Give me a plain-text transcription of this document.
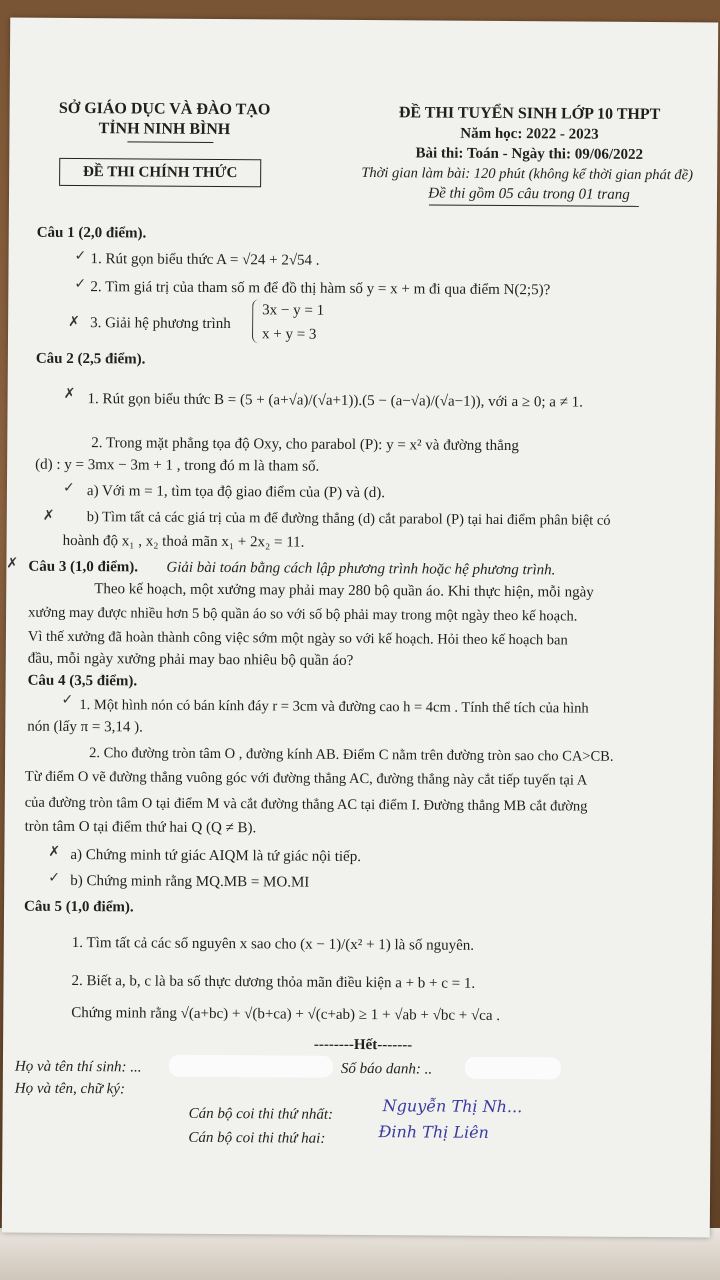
SỞ GIÁO DỤC VÀ ĐÀO TẠO
TỈNH NINH BÌNH
ĐỀ THI CHÍNH THỨC
ĐỀ THI TUYỂN SINH LỚP 10 THPT
Năm học: 2022 - 2023
Bài thi: Toán - Ngày thi: 09/06/2022
Thời gian làm bài: 120 phút (không kể thời gian phát đề)
Đề thi gồm 05 câu trong 01 trang
Câu 1 (2,0 điểm).
✓ 1. Rút gọn biểu thức A = √24 + 2√54 .
✓ 2. Tìm giá trị của tham số m để đồ thị hàm số y = x + m đi qua điểm N(2;5)?
✗ 3. Giải hệ phương trình
3x − y = 1
x + y = 3
Câu 2 (2,5 điểm).
✗ 1. Rút gọn biểu thức B = (5 + (a+√a)/(√a+1)).(5 − (a−√a)/(√a−1)), với a ≥ 0; a ≠ 1.
2. Trong mặt phẳng tọa độ Oxy, cho parabol (P): y = x² và đường thẳng
(d) : y = 3mx − 3m + 1 , trong đó m là tham số.
✓ a) Với m = 1, tìm tọa độ giao điểm của (P) và (d).
✗ b) Tìm tất cả các giá trị của m để đường thẳng (d) cắt parabol (P) tại hai điểm phân biệt có
hoành độ x₁ , x₂ thoả mãn x₁ + 2x₂ = 11.
✗ Câu 3 (1,0 điểm). Giải bài toán bằng cách lập phương trình hoặc hệ phương trình.
Theo kế hoạch, một xưởng may phải may 280 bộ quần áo. Khi thực hiện, mỗi ngày
xưởng may được nhiều hơn 5 bộ quần áo so với số bộ phải may trong một ngày theo kế hoạch.
Vì thế xưởng đã hoàn thành công việc sớm một ngày so với kế hoạch. Hỏi theo kế hoạch ban
đầu, mỗi ngày xưởng phải may bao nhiêu bộ quần áo?
Câu 4 (3,5 điểm).
✓ 1. Một hình nón có bán kính đáy r = 3cm và đường cao h = 4cm . Tính thể tích của hình
nón (lấy π = 3,14 ).
2. Cho đường tròn tâm O , đường kính AB. Điểm C nằm trên đường tròn sao cho CA>CB.
Từ điểm O vẽ đường thẳng vuông góc với đường thẳng AC, đường thẳng này cắt tiếp tuyến tại A
của đường tròn tâm O tại điểm M và cắt đường thẳng AC tại điểm I. Đường thẳng MB cắt đường
tròn tâm O tại điểm thứ hai Q (Q ≠ B).
✗ a) Chứng minh tứ giác AIQM là tứ giác nội tiếp.
✓ b) Chứng minh rằng MQ.MB = MO.MI
Câu 5 (1,0 điểm).
1. Tìm tất cả các số nguyên x sao cho (x − 1)/(x² + 1) là số nguyên.
2. Biết a, b, c là ba số thực dương thỏa mãn điều kiện a + b + c = 1.
Chứng minh rằng √(a+bc) + √(b+ca) + √(c+ab) ≥ 1 + √ab + √bc + √ca .
--------Hết-------
Họ và tên thí sinh: ...	Số báo danh: ..
Họ và tên, chữ ký:
Cán bộ coi thi thứ nhất:	Nguyễn Thị Nh...
Cán bộ coi thi thứ hai:	Đinh Thị Liên
